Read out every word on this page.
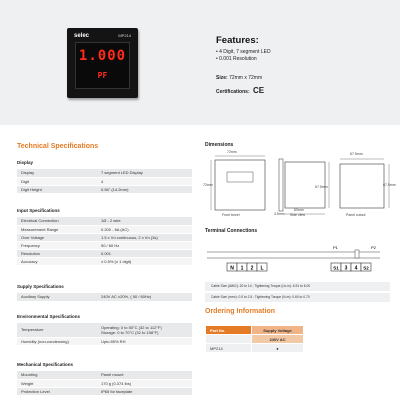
selec	MP214
1.000
PF
Features:
• 4 Digit, 7 segment LED
• 0.001 Resolution
Size: 72mm x 72mm
Certifications: CE
Technical Specifications
Display
Display	7 segment LED Display
Digit	4
Digit Height	0.56" (14.2mm)
Input Specifications
Electrical Connection	1Ø - 2 wire
Measurement Range	0.200 - 6A (AC)
Over Voltage	1.5 x Vn continuous, 2 x Vn (3s)
Frequency	50 / 60 Hz
Resolution	0.001
Accuracy	± 0.5% (± 1 digit)
Supply Specifications
Auxiliary Supply	240V AC ±20%, ( 50 / 60Hz)
Environmental Specifications
Temperature	Operating: 0 to 50°C (32 to 112°F)
Storage: 0 to 70°C (32 to 158°F)
Humidity (non-condensing)	Upto 85% RH
Mechanical Specifications
Mounting	Panel mount
Weight	170 g (0.374 lbs)
Protection Level	IP65 for faceplate
Dimensions
72mm
72mm	67.5mm
60mm
3.5mm
67.5mm
67.5mm
Front bezel	Side view	Panel cutout
Terminal Connections
N 1 2 L	S1 3 4 S2
P1	P2
Cable Size (AWG): 20 to 14 ; Tightening Torque (Lb-in): 6.91 to 6.00
Cable Size (mm²): 0.5 to 2.5 ; Tightening Torque (N-m): 0.60 to 0.70
Ordering Information
Part No.	Supply Voltage
	240V AC
MP214	●
